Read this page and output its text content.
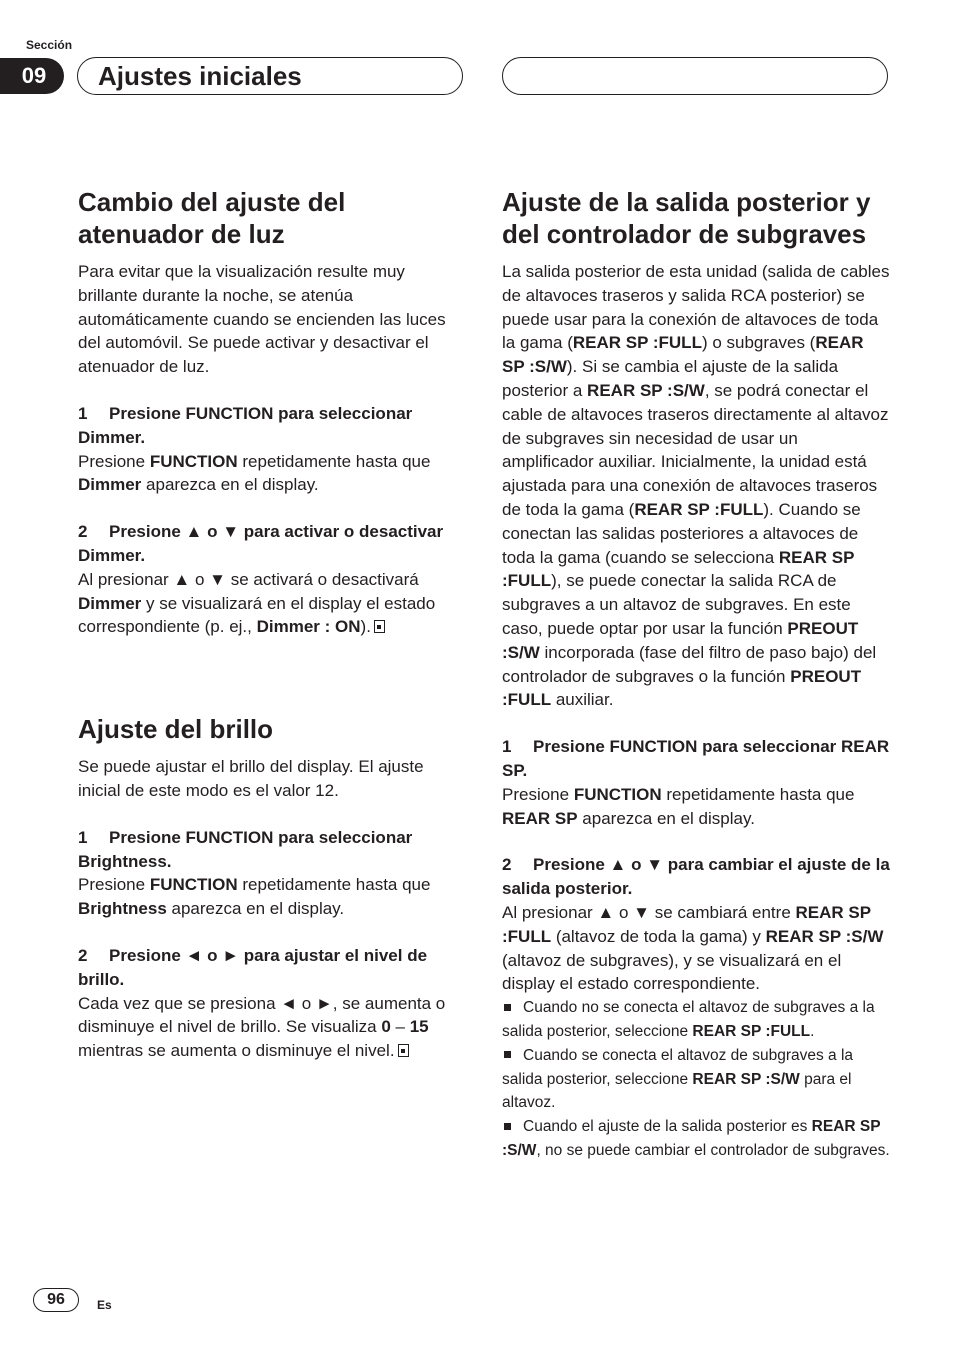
Sección
09	Ajustes iniciales
Cambio del ajuste del atenuador de luz

Para evitar que la visualización resulte muy brillante durante la noche, se atenúa automáticamente cuando se encienden las luces del automóvil. Se puede activar y desactivar el atenuador de luz.

1 Presione FUNCTION para seleccionar Dimmer.

Presione FUNCTION repetidamente hasta que Dimmer aparezca en el display.

2 Presione ▲ o ▼ para activar o desactivar Dimmer.

Al presionar ▲ o ▼ se activará o desactivará Dimmer y se visualizará en el display el estado correspondiente (p. ej., Dimmer : ON).

Ajuste del brillo

Se puede ajustar el brillo del display. El ajuste inicial de este modo es el valor 12.

1 Presione FUNCTION para seleccionar Brightness.

Presione FUNCTION repetidamente hasta que Brightness aparezca en el display.

2 Presione ◄ o ► para ajustar el nivel de brillo.

Cada vez que se presiona ◄ o ►, se aumenta o disminuye el nivel de brillo. Se visualiza 0 – 15 mientras se aumenta o disminuye el nivel.

Ajuste de la salida posterior y del controlador de subgraves

La salida posterior de esta unidad (salida de cables de altavoces traseros y salida RCA posterior) se puede usar para la conexión de altavoces de toda la gama (REAR SP :FULL) o subgraves (REAR SP :S/W). Si se cambia el ajuste de la salida posterior a REAR SP :S/W, se podrá conectar el cable de altavoces traseros directamente al altavoz de subgraves sin necesidad de usar un amplificador auxiliar. Inicialmente, la unidad está ajustada para una conexión de altavoces traseros de toda la gama (REAR SP :FULL). Cuando se conectan las salidas posteriores a altavoces de toda la gama (cuando se selecciona REAR SP :FULL), se puede conectar la salida RCA de subgraves a un altavoz de subgraves. En este caso, puede optar por usar la función PREOUT :S/W incorporada (fase del filtro de paso bajo) del controlador de subgraves o la función PREOUT :FULL auxiliar.

1 Presione FUNCTION para seleccionar REAR SP.

Presione FUNCTION repetidamente hasta que REAR SP aparezca en el display.

2 Presione ▲ o ▼ para cambiar el ajuste de la salida posterior.

Al presionar ▲ o ▼ se cambiará entre REAR SP :FULL (altavoz de toda la gama) y REAR SP :S/W (altavoz de subgraves), y se visualizará en el display el estado correspondiente.

Cuando no se conecta el altavoz de subgraves a la salida posterior, seleccione REAR SP :FULL.

Cuando se conecta el altavoz de subgraves a la salida posterior, seleccione REAR SP :S/W para el altavoz.

Cuando el ajuste de la salida posterior es REAR SP :S/W, no se puede cambiar el controlador de subgraves.

96	Es
